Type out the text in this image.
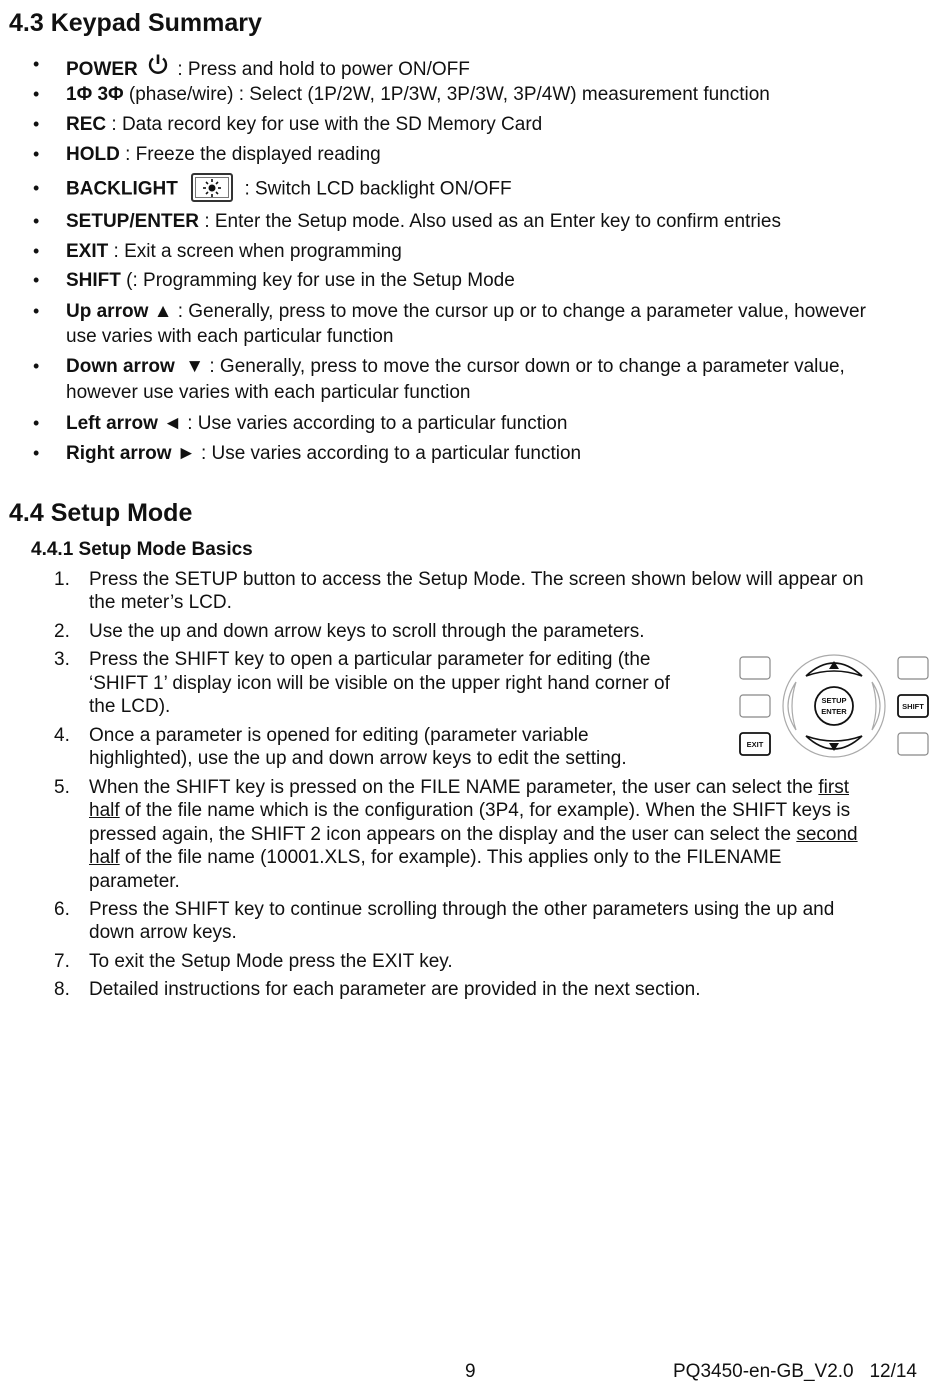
4.3 Keypad Summary
• POWER : Press and hold to power ON/OFF
• 1Φ 3Φ (phase/wire) : Select (1P/2W, 1P/3W, 3P/3W, 3P/4W) measurement function
• REC : Data record key for use with the SD Memory Card
• HOLD : Freeze the displayed reading
• BACKLIGHT	: Switch LCD backlight ON/OFF
• SETUP/ENTER : Enter the Setup mode. Also used as an Enter key to confirm entries
• EXIT : Exit a screen when programming
• SHIFT (: Programming key for use in the Setup Mode
• Up arrow ▲ : Generally, press to move the cursor up or to change a parameter value, however
use varies with each particular function
• Down arrow  ▼ : Generally, press to move the cursor down or to change a parameter value,
however use varies with each particular function
• Left arrow ◄ : Use varies according to a particular function
• Right arrow ► : Use varies according to a particular function
4.4 Setup Mode
4.4.1 Setup Mode Basics
1. Press the SETUP button to access the Setup Mode. The screen shown below will appear on
the meter’s LCD.
2. Use the up and down arrow keys to scroll through the parameters.
3. Press the SHIFT key to open a particular parameter for editing (the
‘SHIFT 1’ display icon will be visible on the upper right hand corner of
the LCD).
4. Once a parameter is opened for editing (parameter variable
highlighted), use the up and down arrow keys to edit the setting.
5. When the SHIFT key is pressed on the FILE NAME parameter, the user can select the first
half of the file name which is the configuration (3P4, for example). When the SHIFT keys is
pressed again, the SHIFT 2 icon appears on the display and the user can select the second
half of the file name (10001.XLS, for example). This applies only to the FILENAME
parameter.
6. Press the SHIFT key to continue scrolling through the other parameters using the up and
down arrow keys.
7. To exit the Setup Mode press the EXIT key.
8. Detailed instructions for each parameter are provided in the next section.
SETUP
ENTER
SHIFT
EXIT
9	PQ3450-en-GB_V2.0   12/14
